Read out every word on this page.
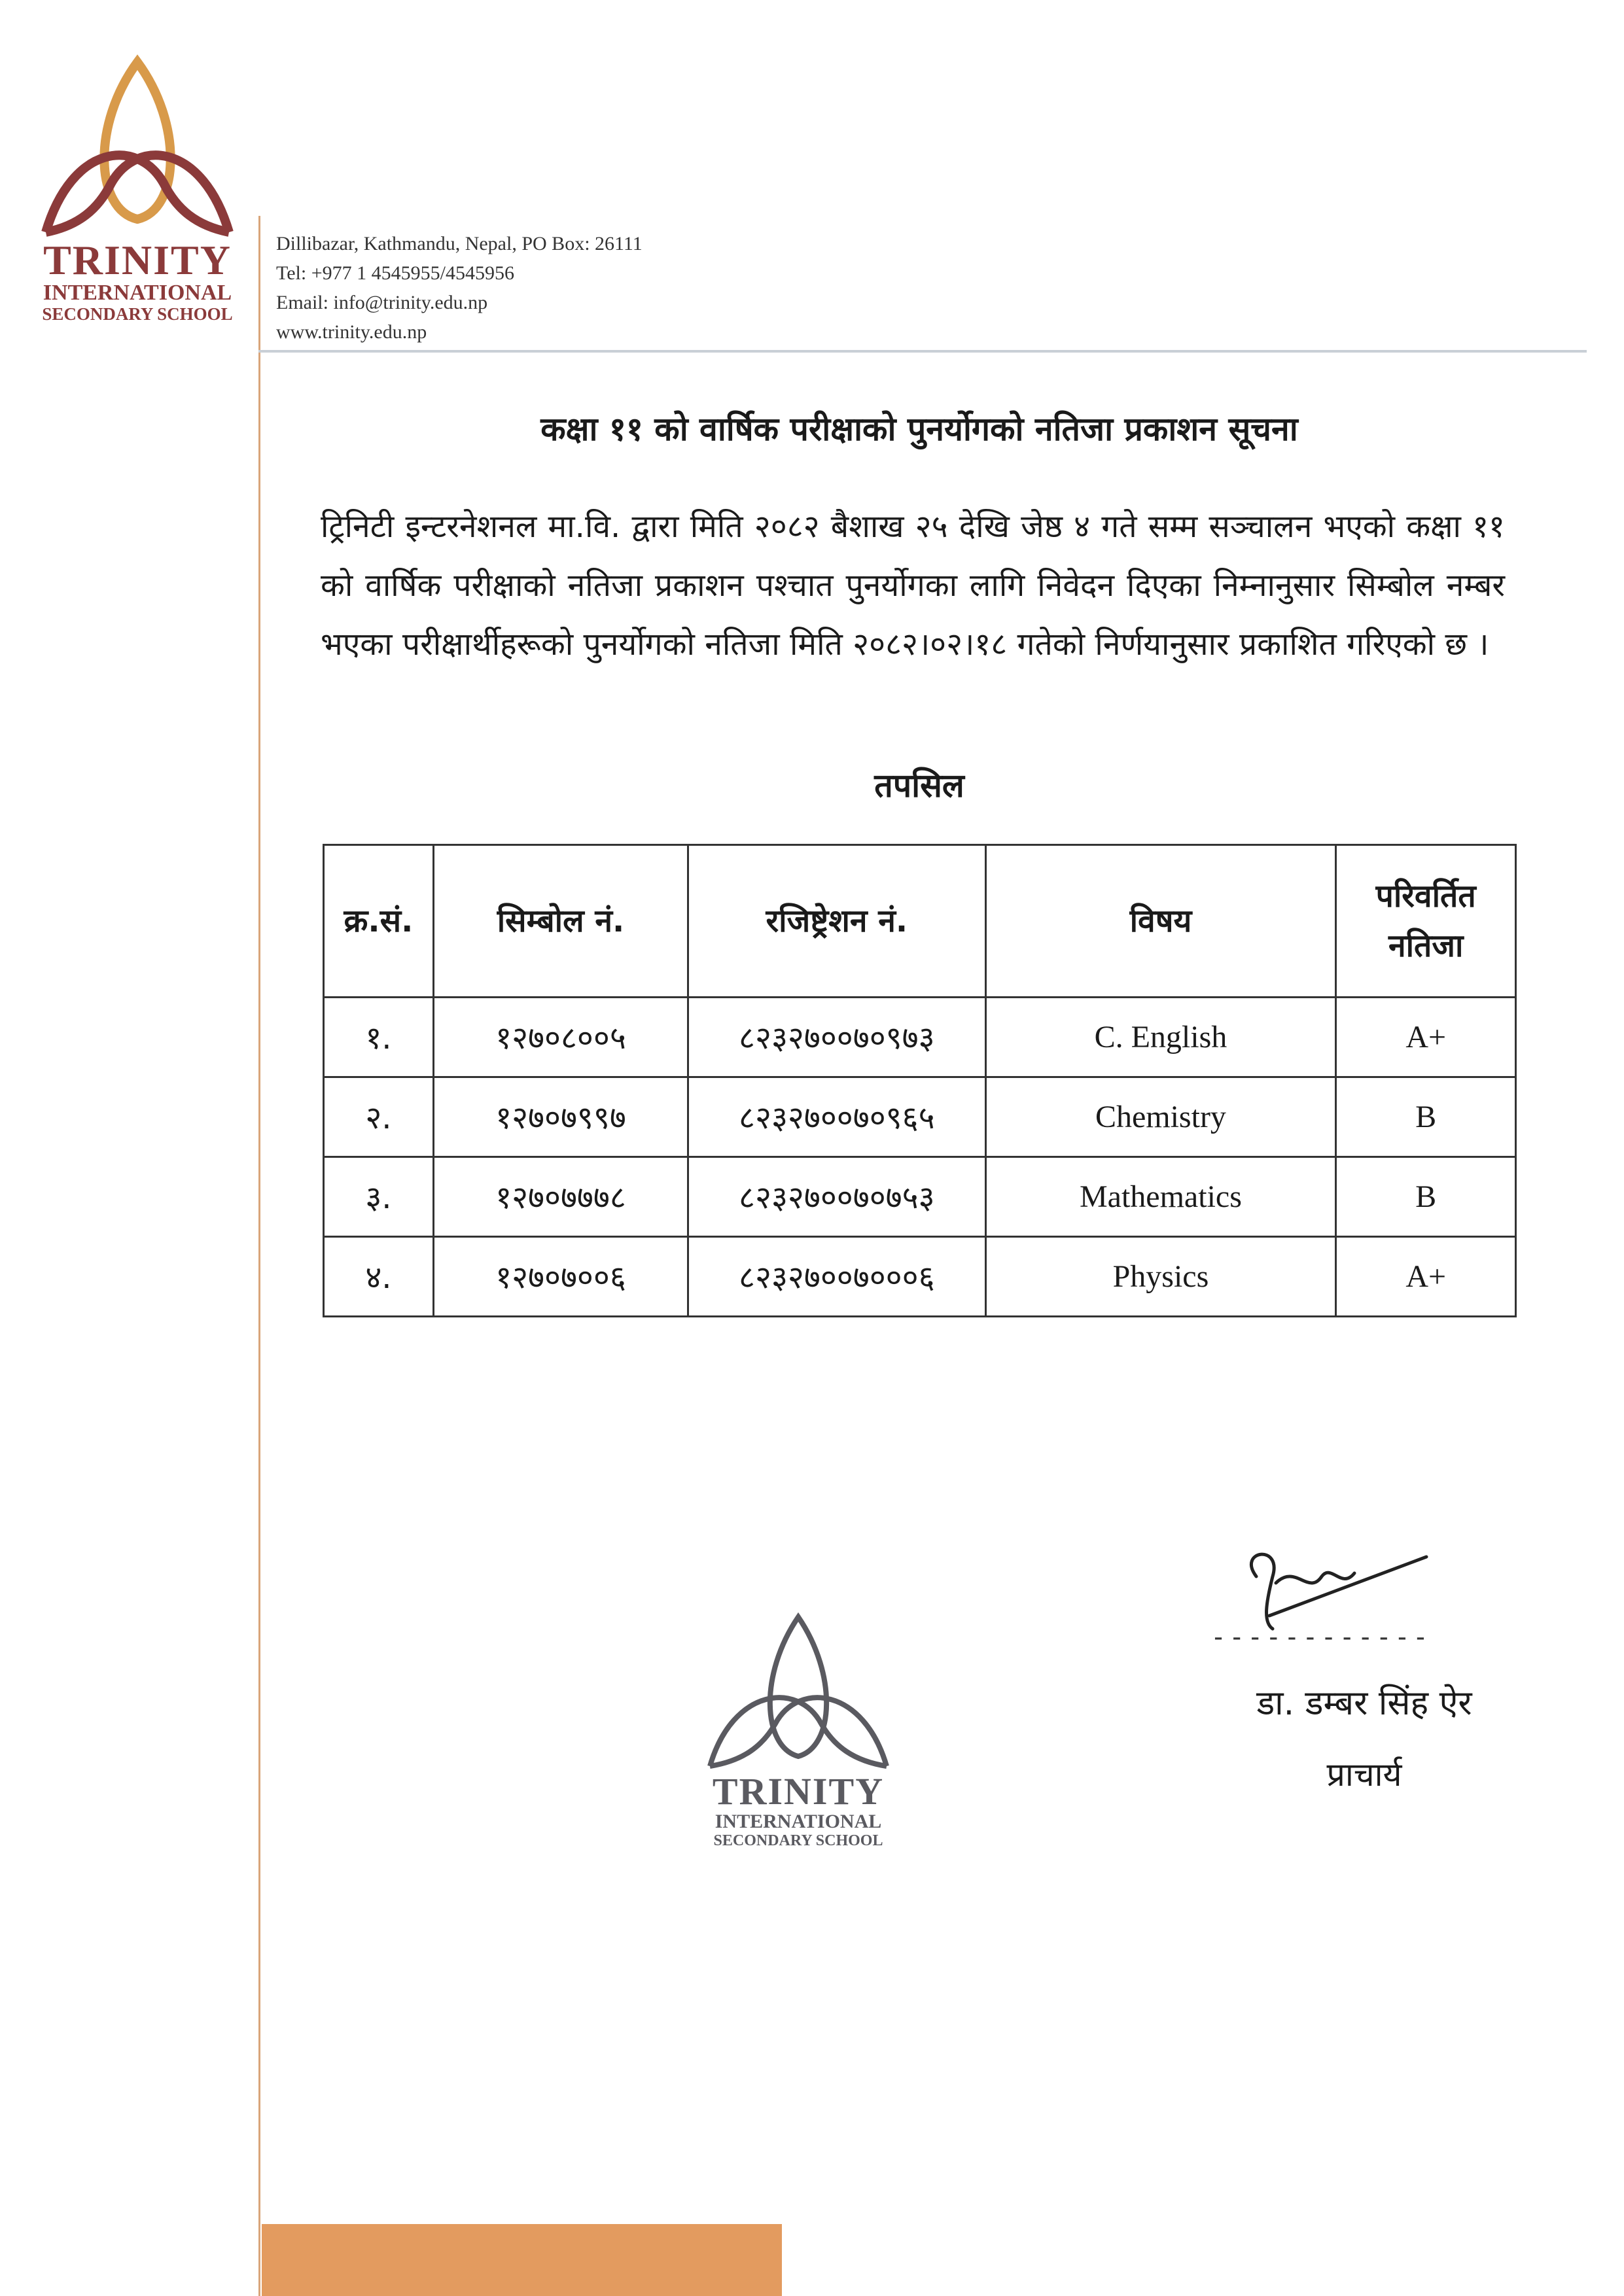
TRINITY
INTERNATIONAL
SECONDARY SCHOOL
Dillibazar, Kathmandu, Nepal, PO Box: 26111
Tel: +977 1 4545955/4545956
Email: info@trinity.edu.np
www.trinity.edu.np
कक्षा ११ को वार्षिक परीक्षाको पुनर्योगको नतिजा प्रकाशन सूचना
ट्रिनिटी इन्टरनेशनल मा.वि. द्वारा मिति २०८२ बैशाख २५ देखि जेष्ठ ४ गते सम्म सञ्चालन भएको कक्षा ११ को वार्षिक परीक्षाको नतिजा प्रकाशन पश्चात पुनर्योगका लागि निवेदन दिएका निम्नानुसार सिम्बोल नम्बर भएका परीक्षार्थीहरूको पुनर्योगको नतिजा मिति २०८२।०२।१८ गतेको निर्णयानुसार प्रकाशित गरिएको छ ।
तपसिल
क्र.सं.	सिम्बोल नं.	रजिष्ट्रेशन नं.	विषय	परिवर्तित
नतिजा

१.	१२७०८००५	८२३२७००७०९७३	C. English	A+
२.	१२७०७९९७	८२३२७००७०९६५	Chemistry	B
३.	१२७०७७७८	८२३२७००७०७५३	Mathematics	B
४.	१२७०७००६	८२३२७००७०००६	Physics	A+
TRINITY
INTERNATIONAL
SECONDARY SCHOOL
------------
डा. डम्बर सिंह ऐर
प्राचार्य
